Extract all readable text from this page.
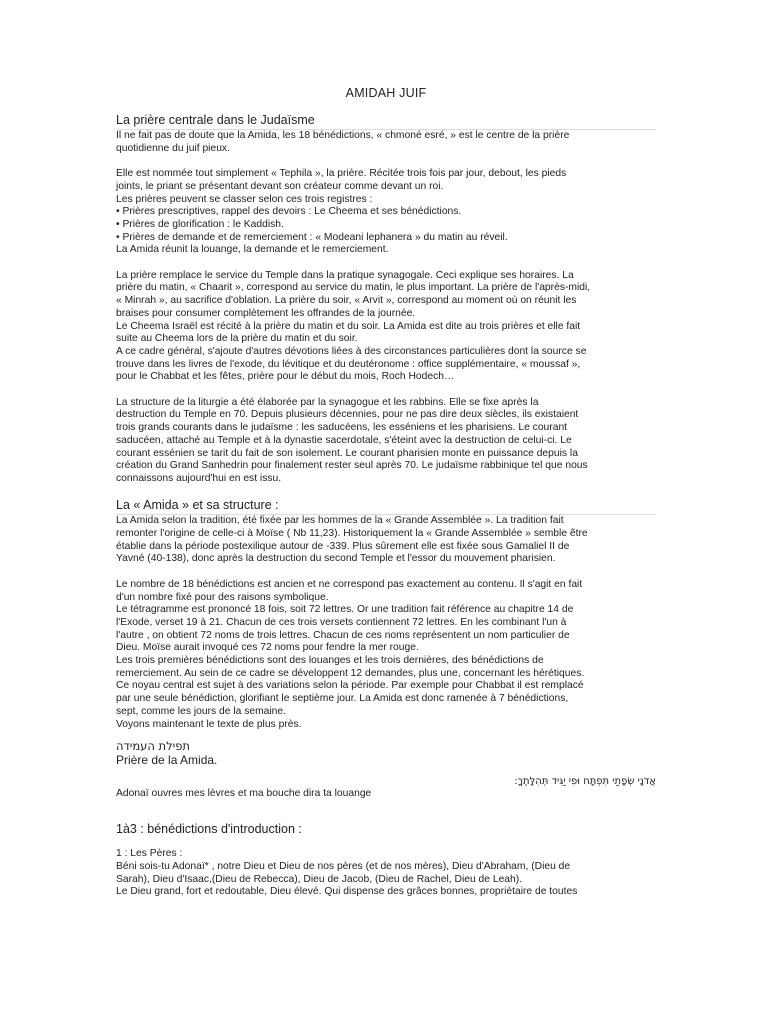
AMIDAH JUIF
La prière centrale dans le Judaïsme

Il ne fait pas de doute que la Amida, les 18 bénédictions, « chmoné esré, » est le centre de la prière
quotidienne du juif pieux.

Elle est nommée tout simplement « Tephila », la prière. Récitée trois fois par jour, debout, les pieds
joints, le priant se présentant devant son créateur comme devant un roi.
Les prières peuvent se classer selon ces trois registres :
• Prières prescriptives, rappel des devoirs : Le Cheema et ses bénédictions.
• Prières de glorification : le Kaddish.
• Prières de demande et de remerciement : « Modeani lephanera » du matin au réveil.
La Amida réunit la louange, la demande et le remerciement.

La prière remplace le service du Temple dans la pratique synagogale. Ceci explique ses horaires. La
prière du matin, « Chaarit », correspond au service du matin, le plus important. La prière de l'après-midi,
« Minrah », au sacrifice d'oblation. La prière du soir, « Arvit », correspond au moment où on réunit les
braises pour consumer complètement les offrandes de la journée.
Le Cheema Israël est récité à la prière du matin et du soir. La Amida est dite au trois prières et elle fait
suite au Cheema lors de la prière du matin et du soir.
A ce cadre général, s'ajoute d'autres dévotions liées à des circonstances particulières dont la source se
trouve dans les livres de l'exode, du lévitique et du deutéronome : office supplémentaire, « moussaf »,
pour le Chabbat et les fêtes, prière pour le début du mois, Roch Hodech…

La structure de la liturgie a été élaborée par la synagogue et les rabbins. Elle se fixe après la
destruction du Temple en 70. Depuis plusieurs décennies, pour ne pas dire deux siècles, ils existaient
trois grands courants dans le judaïsme : les saducéens, les esséniens et les pharisiens. Le courant
saducéen, attaché au Temple et à la dynastie sacerdotale, s'éteint avec la destruction de celui-ci. Le
courant essénien se tarit du fait de son isolement. Le courant pharisien monte en puissance depuis la
création du Grand Sanhedrin pour finalement rester seul après 70. Le judaïsme rabbinique tel que nous
connaissons aujourd'hui en est issu.

La « Amida » et sa structure :

La Amida selon la tradition, été fixée par les hommes de la « Grande Assemblée ». La tradition fait
remonter l'origine de celle-ci à Moïse ( Nb 11,23). Historiquement la « Grande Assemblée » semble être
établie dans la période postexilique autour de -339. Plus sûrement elle est fixée sous Gamaliel II de
Yavné (40-138), donc après la destruction du second Temple et l'essor du mouvement pharisien.

Le nombre de 18 bénédictions est ancien et ne correspond pas exactement au contenu. Il s'agit en fait
d'un nombre fixé pour des raisons symbolique.
Le tétragramme est prononcé 18 fois, soit 72 lettres. Or une tradition fait référence au chapitre 14 de
l'Exode, verset 19 à 21. Chacun de ces trois versets contiennent 72 lettres. En les combinant l'un à
l'autre , on obtient 72 noms de trois lettres. Chacun de ces noms représentent un nom particulier de
Dieu. Moïse aurait invoqué ces 72 noms pour fendre la mer rouge.
Les trois premières bénédictions sont des louanges et les trois dernières, des bénédictions de
remerciement. Au sein de ce cadre se développent 12 demandes, plus une, concernant les hérétiques.
Ce noyau central est sujet à des variations selon la période. Par exemple pour Chabbat il est remplacé
par une seule bénédiction, glorifiant le septième jour. La Amida est donc ramenée à 7 bénédictions,
sept, comme les jours de la semaine.
Voyons maintenant le texte de plus près.

תפילת העמידה
Prière de la Amida.
אֲדֹנָי שְׂפָתַי תִּפְתָּח וּפִי יַגִּיד תְּהִלָּתֶךָ:

Adonaï ouvres mes lèvres et ma bouche dira ta louange

1à3 : bénédictions d'introduction :

1 : Les Pères :
Béni sois-tu Adonaï* , notre Dieu et Dieu de nos pères (et de nos mères), Dieu d'Abraham, (Dieu de
Sarah), Dieu d'Isaac,(Dieu de Rebecca), Dieu de Jacob, (Dieu de Rachel, Dieu de Leah).
Le Dieu grand, fort et redoutable, Dieu élevé. Qui dispense des grâces bonnes, propriétaire de toutes
